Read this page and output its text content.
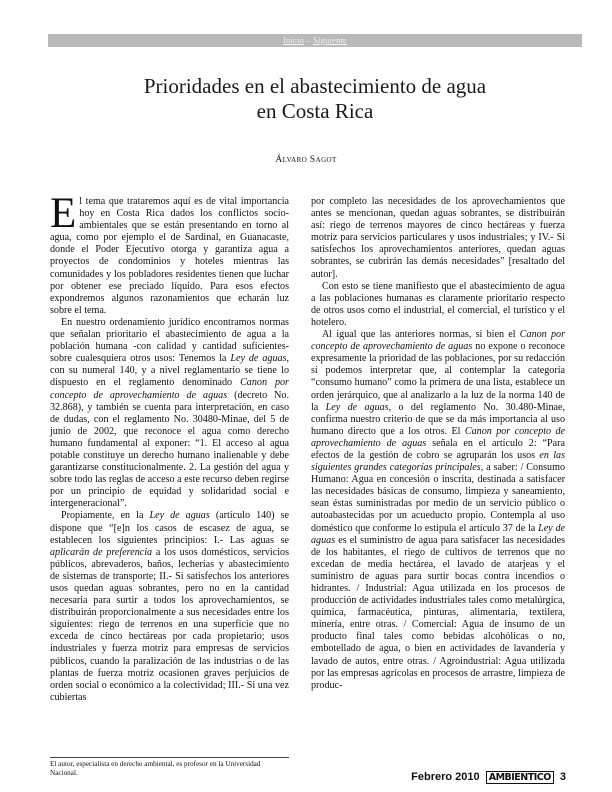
Inicio – Siguiente
Prioridades en el abastecimiento de agua
en Costa Rica
Álvaro Sagot

El tema que trataremos aquí es de vital importancia hoy en Costa Rica dados los conflictos socio-ambientales que se están presentando en torno al agua, como por ejemplo el de Sardinal, en Guanacaste, donde el Poder Ejecutivo otorga y garantiza agua a proyectos de condominios y hoteles mientras las comunidades y los pobladores residentes tienen que luchar por obtener ese preciado líquido. Para esos efectos expondremos algunos razonamientos que echarán luz sobre el tema.

En nuestro ordenamiento jurídico encontramos normas que señalan prioritario el abastecimiento de agua a la población humana -con calidad y cantidad suficientes- sobre cualesquiera otros usos: Tenemos la Ley de aguas, con su numeral 140, y a nivel reglamentario se tiene lo dispuesto en el reglamento denominado Canon por concepto de aprovechamiento de aguas (decreto No. 32.868), y también se cuenta para interpretación, en caso de dudas, con el reglamento No. 30480-Minae, del 5 de junio de 2002, que reconoce el agua como derecho humano fundamental al exponer: “1. El acceso al agua potable constituye un derecho humano inalienable y debe garantizarse constitucionalmente. 2. La gestión del agua y sobre todo las reglas de acceso a este recurso deben regirse por un principio de equidad y solidaridad social e intergeneracional”.

Propiamente, en la Ley de aguas (artículo 140) se dispone que “[e]n los casos de escasez de agua, se establecen los siguientes principios: I.- Las aguas se aplicarán de preferencia a los usos domésticos, servicios públicos, abrevaderos, baños, lecherías y abastecimiento de sistemas de transporte; II.- Si satisfechos los anteriores usos quedan aguas sobrantes, pero no en la cantidad necesaria para surtir a todos los aprovechamientos, se distribuirán proporcionalmente a sus necesidades entre los siguientes: riego de terrenos en una superficie que no exceda de cinco hectáreas por cada propietario; usos industriales y fuerza motriz para empresas de servicios públicos, cuando la paralización de las industrias o de las plantas de fuerza motriz ocasionen graves perjuicios de orden social o económico a la colectividad; III.- Si una vez cubiertas

por completo las necesidades de los aprovechamientos que antes se mencionan, quedan aguas sobrantes, se distribuirán así: riego de terrenos mayores de cinco hectáreas y fuerza motriz para servicios particulares y usos industriales; y IV.- Si satisfechos los aprovechamientos anteriores, quedan aguas sobrantes, se cubrirán las demás necesidades” [resaltado del autor].

Con esto se tiene manifiesto que el abastecimiento de agua a las poblaciones humanas es claramente prioritario respecto de otros usos como el industrial, el comercial, el turístico y el hotelero.

Al igual que las anteriores normas, si bien el Canon por concepto de aprovechamiento de aguas no expone o reconoce expresamente la prioridad de las poblaciones, por su redacción sí podemos interpretar que, al contemplar la categoría “consumo humano” como la primera de una lista, establece un orden jerárquico, que al analizarlo a la luz de la norma 140 de la Ley de aguas, o del reglamento No. 30.480-Minae, confirma nuestro criterio de que se da más importancia al uso humano directo que a los otros. El Canon por concepto de aprovechamiento de aguas señala en el artículo 2: “Para efectos de la gestión de cobro se agruparán los usos en las siguientes grandes categorías principales, a saber: / Consumo Humano: Agua en concesión o inscrita, destinada a satisfacer las necesidades básicas de consumo, limpieza y saneamiento, sean éstas suministradas por medio de un servicio público o autoabastecidas por un acueducto propio. Contempla al uso doméstico que conforme lo estipula el artículo 37 de la Ley de aguas es el suministro de agua para satisfacer las necesidades de los habitantes, el riego de cultivos de terrenos que no excedan de media hectárea, el lavado de atarjeas y el suministro de aguas para surtir bocas contra incendios o hidrantes. / Industrial: Agua utilizada en los procesos de producción de actividades industriales tales como metalúrgica, química, farmacéutica, pinturas, alimentaria, textilera, minería, entre otras. / Comercial: Agua de insumo de un producto final tales como bebidas alcohólicas o no, embotellado de agua, o bien en actividades de lavandería y lavado de autos, entre otras. / Agroindustrial: Agua utilizada por las empresas agrícolas en procesos de arrastre, limpieza de produc-

El autor, especialista en derecho ambiental, es profesor en la Universidad Nacional.	Febrero 2010 AMBIENTICO 3
